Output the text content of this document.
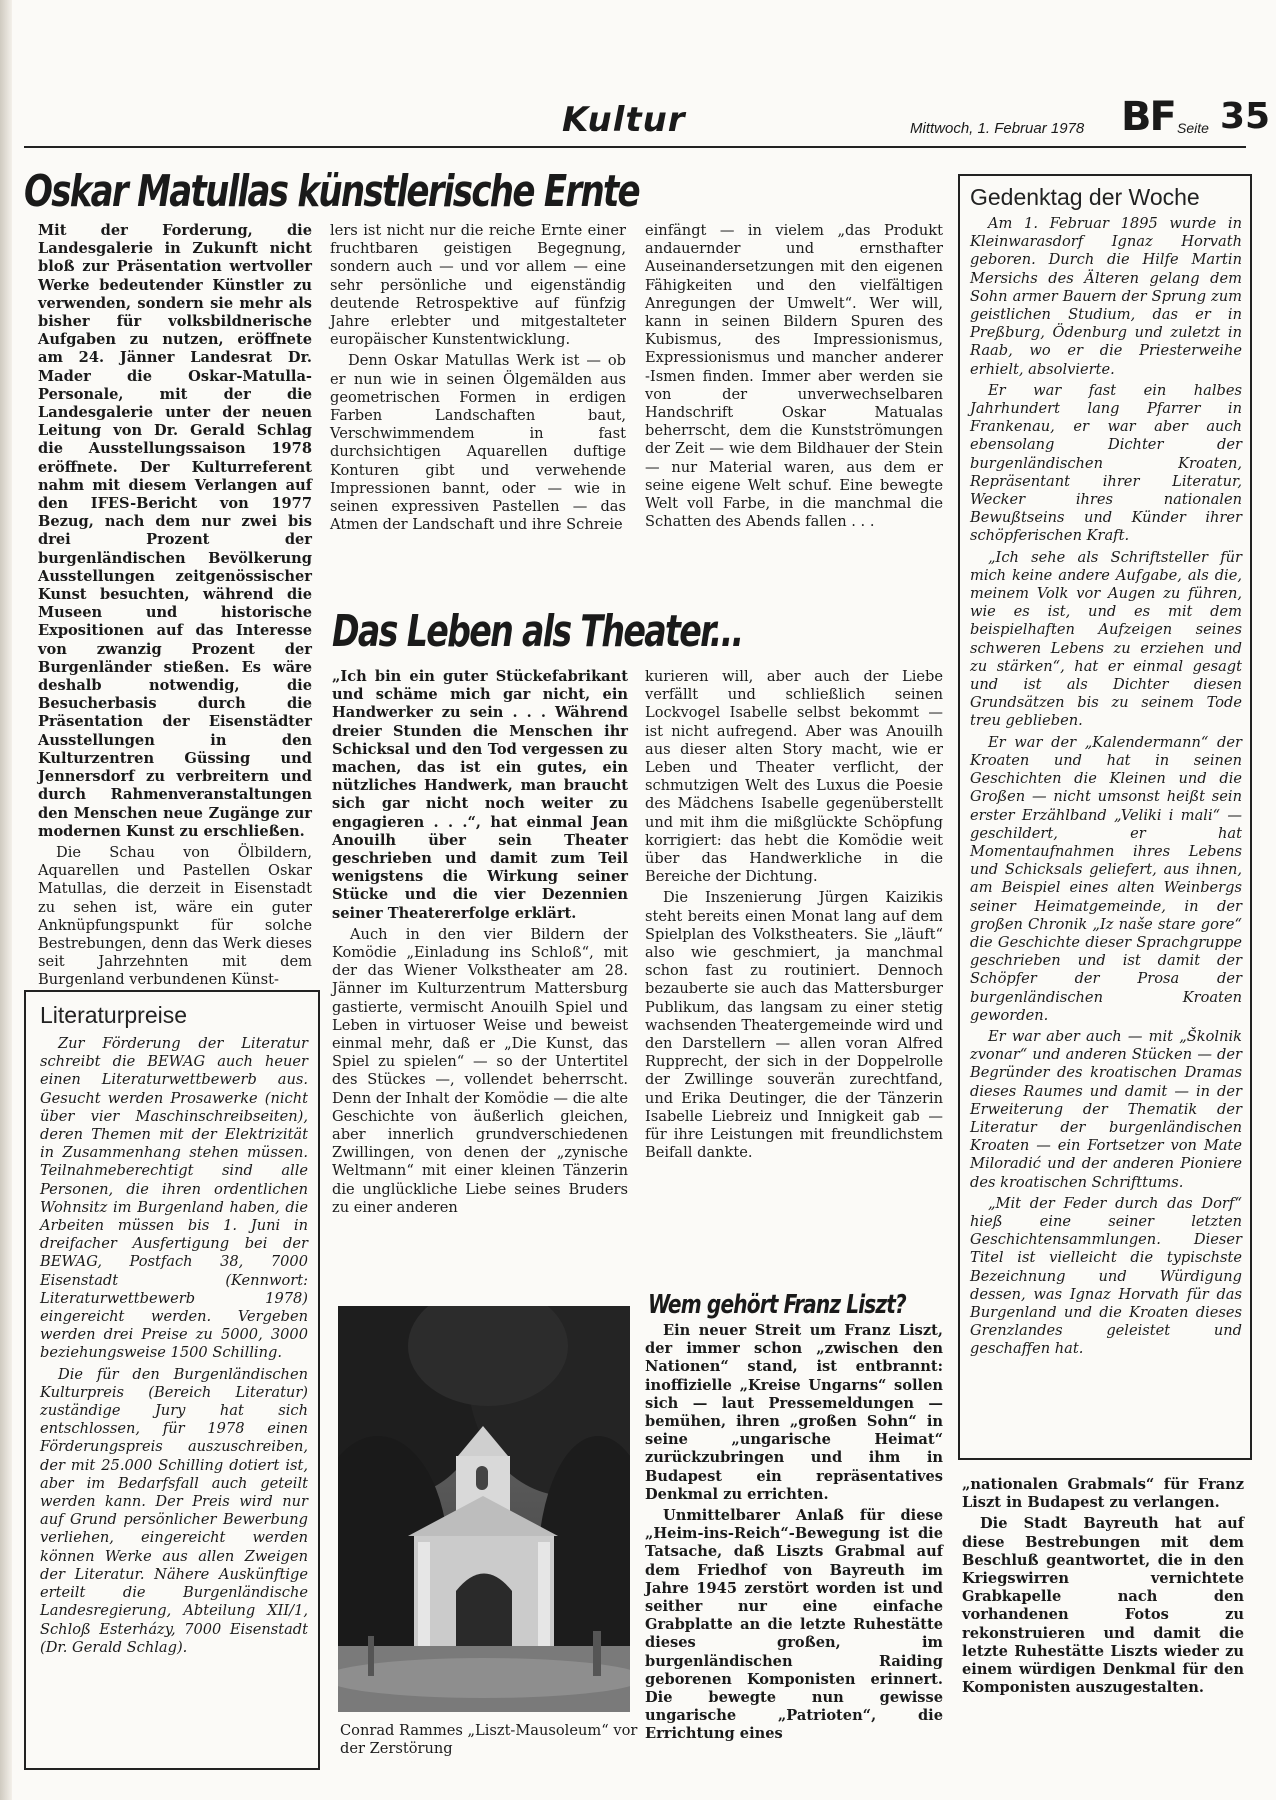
Kultur	Mittwoch, 1. Februar 1978 BF Seite 35
Oskar Matullas künstlerische Ernte

Mit der Forderung, die Landesgalerie in Zukunft nicht bloß zur Präsentation wertvoller Werke bedeutender Künstler zu verwenden, sondern sie mehr als bisher für volksbildnerische Aufgaben zu nutzen, eröffnete am 24. Jänner Landesrat Dr. Mader die Oskar-Matulla-Personale, mit der die Landesgalerie unter der neuen Leitung von Dr. Gerald Schlag die Ausstellungssaison 1978 eröffnete. Der Kulturreferent nahm mit diesem Verlangen auf den IFES-Bericht von 1977 Bezug, nach dem nur zwei bis drei Prozent der burgenländischen Bevölkerung Ausstellungen zeitgenössischer Kunst besuchten, während die Museen und historische Expositionen auf das Interesse von zwanzig Prozent der Burgenländer stießen. Es wäre deshalb notwendig, die Besucherbasis durch die Präsentation der Eisenstädter Ausstellungen in den Kulturzentren Güssing und Jennersdorf zu verbreitern und durch Rahmenveranstaltungen den Menschen neue Zugänge zur modernen Kunst zu erschließen.

Die Schau von Ölbildern, Aquarellen und Pastellen Oskar Matullas, die derzeit in Eisenstadt zu sehen ist, wäre ein guter Anknüpfungspunkt für solche Bestrebungen, denn das Werk dieses seit Jahrzehnten mit dem Burgenland verbundenen Künst-

lers ist nicht nur die reiche Ernte einer fruchtbaren geistigen Begegnung, sondern auch — und vor allem — eine sehr persönliche und eigenständig deutende Retrospektive auf fünfzig Jahre erlebter und mitgestalteter europäischer Kunstentwicklung.

Denn Oskar Matullas Werk ist — ob er nun wie in seinen Ölgemälden aus geometrischen Formen in erdigen Farben Landschaften baut, Verschwimmendem in fast durchsichtigen Aquarellen duftige Konturen gibt und verwehende Impressionen bannt, oder — wie in seinen expressiven Pastellen — das Atmen der Landschaft und ihre Schreie

einfängt — in vielem „das Produkt andauernder und ernsthafter Auseinandersetzungen mit den eigenen Fähigkeiten und den vielfältigen Anregungen der Umwelt“. Wer will, kann in seinen Bildern Spuren des Kubismus, des Impressionismus, Expressionismus und mancher anderer -Ismen finden. Immer aber werden sie von der unverwechselbaren Handschrift Oskar Matualas beherrscht, dem die Kunstströmungen der Zeit — wie dem Bildhauer der Stein — nur Material waren, aus dem er seine eigene Welt schuf. Eine bewegte Welt voll Farbe, in die manchmal die Schatten des Abends fallen . . .

Das Leben als Theater...

„Ich bin ein guter Stückefabrikant und schäme mich gar nicht, ein Handwerker zu sein . . . Während dreier Stunden die Menschen ihr Schicksal und den Tod vergessen zu machen, das ist ein gutes, ein nützliches Handwerk, man braucht sich gar nicht noch weiter zu engagieren . . .“, hat einmal Jean Anouilh über sein Theater geschrieben und damit zum Teil wenigstens die Wirkung seiner Stücke und die vier Dezennien seiner Theatererfolge erklärt.

Auch in den vier Bildern der Komödie „Einladung ins Schloß“, mit der das Wiener Volkstheater am 28. Jänner im Kulturzentrum Mattersburg gastierte, vermischt Anouilh Spiel und Leben in virtuoser Weise und beweist einmal mehr, daß er „Die Kunst, das Spiel zu spielen“ — so der Untertitel des Stückes —, vollendet beherrscht. Denn der Inhalt der Komödie — die alte Geschichte von äußerlich gleichen, aber innerlich grundverschiedenen Zwillingen, von denen der „zynische Weltmann“ mit einer kleinen Tänzerin die unglückliche Liebe seines Bruders zu einer anderen

kurieren will, aber auch der Liebe verfällt und schließlich seinen Lockvogel Isabelle selbst bekommt — ist nicht aufregend. Aber was Anouilh aus dieser alten Story macht, wie er Leben und Theater verflicht, der schmutzigen Welt des Luxus die Poesie des Mädchens Isabelle gegenüberstellt und mit ihm die mißglückte Schöpfung korrigiert: das hebt die Komödie weit über das Handwerkliche in die Bereiche der Dichtung.

Die Inszenierung Jürgen Kaizikis steht bereits einen Monat lang auf dem Spielplan des Volkstheaters. Sie „läuft“ also wie geschmiert, ja manchmal schon fast zu routiniert. Dennoch bezauberte sie auch das Mattersburger Publikum, das langsam zu einer stetig wachsenden Theatergemeinde wird und den Darstellern — allen voran Alfred Rupprecht, der sich in der Doppelrolle der Zwillinge souverän zurechtfand, und Erika Deutinger, die der Tänzerin Isabelle Liebreiz und Innigkeit gab — für ihre Leistungen mit freundlichstem Beifall dankte.

Literaturpreise

Zur Förderung der Literatur schreibt die BEWAG auch heuer einen Literaturwettbewerb aus. Gesucht werden Prosawerke (nicht über vier Maschinschreibseiten), deren Themen mit der Elektrizität in Zusammenhang stehen müssen. Teilnahmeberechtigt sind alle Personen, die ihren ordentlichen Wohnsitz im Burgenland haben, die Arbeiten müssen bis 1. Juni in dreifacher Ausfertigung bei der BEWAG, Postfach 38, 7000 Eisenstadt (Kennwort: Literaturwettbewerb 1978) eingereicht werden. Vergeben werden drei Preise zu 5000, 3000 beziehungsweise 1500 Schilling.

Die für den Burgenländischen Kulturpreis (Bereich Literatur) zuständige Jury hat sich entschlossen, für 1978 einen Förderungspreis auszuschreiben, der mit 25.000 Schilling dotiert ist, aber im Bedarfsfall auch geteilt werden kann. Der Preis wird nur auf Grund persönlicher Bewerbung verliehen, eingereicht werden können Werke aus allen Zweigen der Literatur. Nähere Auskünftige erteilt die Burgenländische Landesregierung, Abteilung XII/1, Schloß Esterházy, 7000 Eisenstadt (Dr. Gerald Schlag).

Conrad Rammes „Liszt-Mausoleum“ vor der Zerstörung
Gedenktag der Woche

Am 1. Februar 1895 wurde in Kleinwarasdorf Ignaz Horvath geboren. Durch die Hilfe Martin Mersichs des Älteren gelang dem Sohn armer Bauern der Sprung zum geistlichen Studium, das er in Preßburg, Ödenburg und zuletzt in Raab, wo er die Priesterweihe erhielt, absolvierte.

Er war fast ein halbes Jahrhundert lang Pfarrer in Frankenau, er war aber auch ebensolang Dichter der burgenländischen Kroaten, Repräsentant ihrer Literatur, Wecker ihres nationalen Bewußtseins und Künder ihrer schöpferischen Kraft.

„Ich sehe als Schriftsteller für mich keine andere Aufgabe, als die, meinem Volk vor Augen zu führen, wie es ist, und es mit dem beispielhaften Aufzeigen seines schweren Lebens zu erziehen und zu stärken“, hat er einmal gesagt und ist als Dichter diesen Grundsätzen bis zu seinem Tode treu geblieben.

Er war der „Kalendermann“ der Kroaten und hat in seinen Geschichten die Kleinen und die Großen — nicht umsonst heißt sein erster Erzählband „Veliki i mali“ — geschildert, er hat Momentaufnahmen ihres Lebens und Schicksals geliefert, aus ihnen, am Beispiel eines alten Weinbergs seiner Heimatgemeinde, in der großen Chronik „Iz naše stare gore“ die Geschichte dieser Sprachgruppe geschrieben und ist damit der Schöpfer der Prosa der burgenländischen Kroaten geworden.

Er war aber auch — mit „Školnik zvonar“ und anderen Stücken — der Begründer des kroatischen Dramas dieses Raumes und damit — in der Erweiterung der Thematik der Literatur der burgenländischen Kroaten — ein Fortsetzer von Mate Miloradić und der anderen Pioniere des kroatischen Schrifttums.

„Mit der Feder durch das Dorf“ hieß eine seiner letzten Geschichtensammlungen. Dieser Titel ist vielleicht die typischste Bezeichnung und Würdigung dessen, was Ignaz Horvath für das Burgenland und die Kroaten dieses Grenzlandes geleistet und geschaffen hat.

Wem gehört Franz Liszt?

Ein neuer Streit um Franz Liszt, der immer schon „zwischen den Nationen“ stand, ist entbrannt: inoffizielle „Kreise Ungarns“ sollen sich — laut Pressemeldungen — bemühen, ihren „großen Sohn“ in seine „ungarische Heimat“ zurückzubringen und ihm in Budapest ein repräsentatives Denkmal zu errichten.

Unmittelbarer Anlaß für diese „Heim-ins-Reich“-Bewegung ist die Tatsache, daß Liszts Grabmal auf dem Friedhof von Bayreuth im Jahre 1945 zerstört worden ist und seither nur eine einfache Grabplatte an die letzte Ruhestätte dieses großen, im burgenländischen Raiding geborenen Komponisten erinnert. Die bewegte nun gewisse ungarische „Patrioten“, die Errichtung eines

„nationalen Grabmals“ für Franz Liszt in Budapest zu verlangen.

Die Stadt Bayreuth hat auf diese Bestrebungen mit dem Beschluß geantwortet, die in den Kriegswirren vernichtete Grabkapelle nach den vorhandenen Fotos zu rekonstruieren und damit die letzte Ruhestätte Liszts wieder zu einem würdigen Denkmal für den Komponisten auszugestalten.
